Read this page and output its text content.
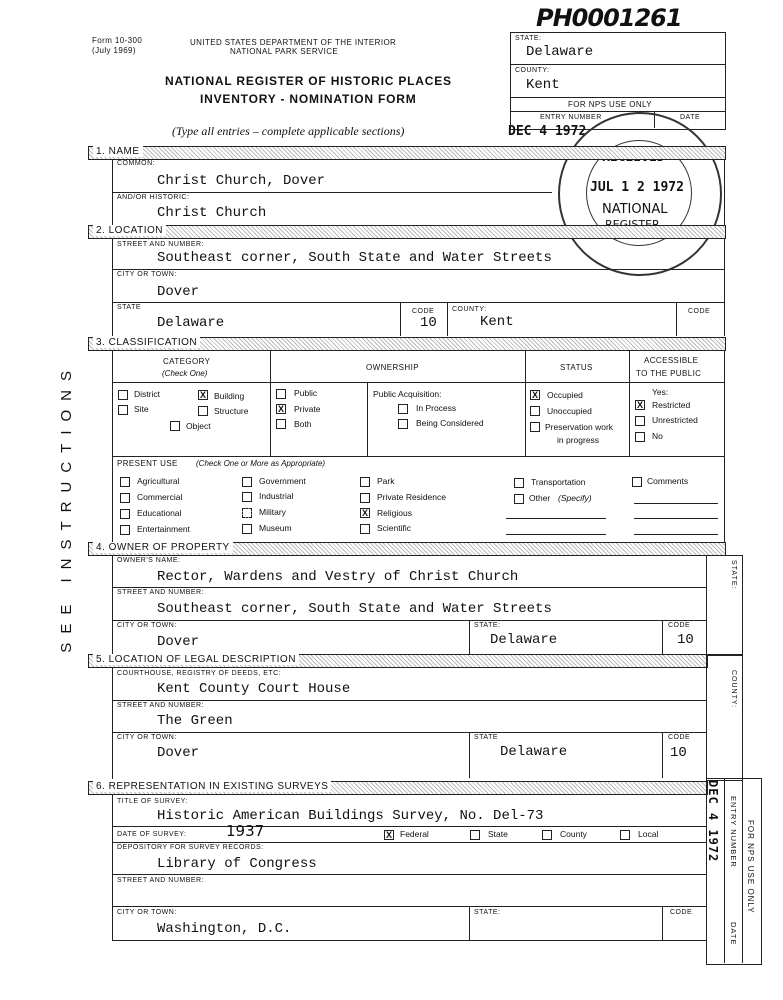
Form 10-300
(July 1969)
UNITED STATES DEPARTMENT OF THE INTERIOR
NATIONAL PARK SERVICE
NATIONAL REGISTER OF HISTORIC PLACES
INVENTORY - NOMINATION FORM
(Type all entries – complete applicable sections)
PH0001261
STATE:
Delaware
COUNTY:
Kent
FOR NPS USE ONLY
ENTRY NUMBER	DATE
DEC 4 1972
JUL 1 2 1972
NATIONAL
SEE INSTRUCTIONS
1. NAME
COMMON:
Christ Church, Dover
AND/OR HISTORIC:
Christ Church
2. LOCATION
STREET AND NUMBER:
Southeast corner, South State and Water Streets
CITY OR TOWN:
Dover
STATE
Delaware
CODE
10
COUNTY:
Kent
CODE
3. CLASSIFICATION
CATEGORY
(Check One)
OWNERSHIP	STATUS
ACCESSIBLE
TO THE PUBLIC
District	X Building
Site	Structure
Object
Public
X Private
Both
Public Acquisition:
In Process
Being Considered
X Occupied
Unoccupied
Preservation work
in progress
Yes:
X Restricted
Unrestricted
No
PRESENT USE (Check One or More as Appropriate)
Agricultural
Commercial
Educational
Entertainment
Government
Industrial
Military
Museum
Park
Private Residence
X Religious
Scientific
Transportation
Other (Specify)
Comments
4. OWNER OF PROPERTY
STATE:
OWNER'S NAME:
Rector, Wardens and Vestry of Christ Church
STREET AND NUMBER:
Southeast corner, South State and Water Streets
CITY OR TOWN:
Dover
STATE:
Delaware
CODE
10
5. LOCATION OF LEGAL DESCRIPTION
COUNTY:
COURTHOUSE, REGISTRY OF DEEDS, ETC:
Kent County Court House
STREET AND NUMBER:
The Green
CITY OR TOWN:
Dover
STATE
Delaware
CODE
10
6. REPRESENTATION IN EXISTING SURVEYS	DEC 4 1972 ENTRY NUMBER
DATE
FOR NPS USE ONLY
TITLE OF SURVEY:
Historic American Buildings Survey, No. Del-73
DATE OF SURVEY:	1937	X Federal	State	County	Local
DEPOSITORY FOR SURVEY RECORDS:
Library of Congress
STREET AND NUMBER:
CITY OR TOWN:
Washington, D.C.
STATE:	CODE
